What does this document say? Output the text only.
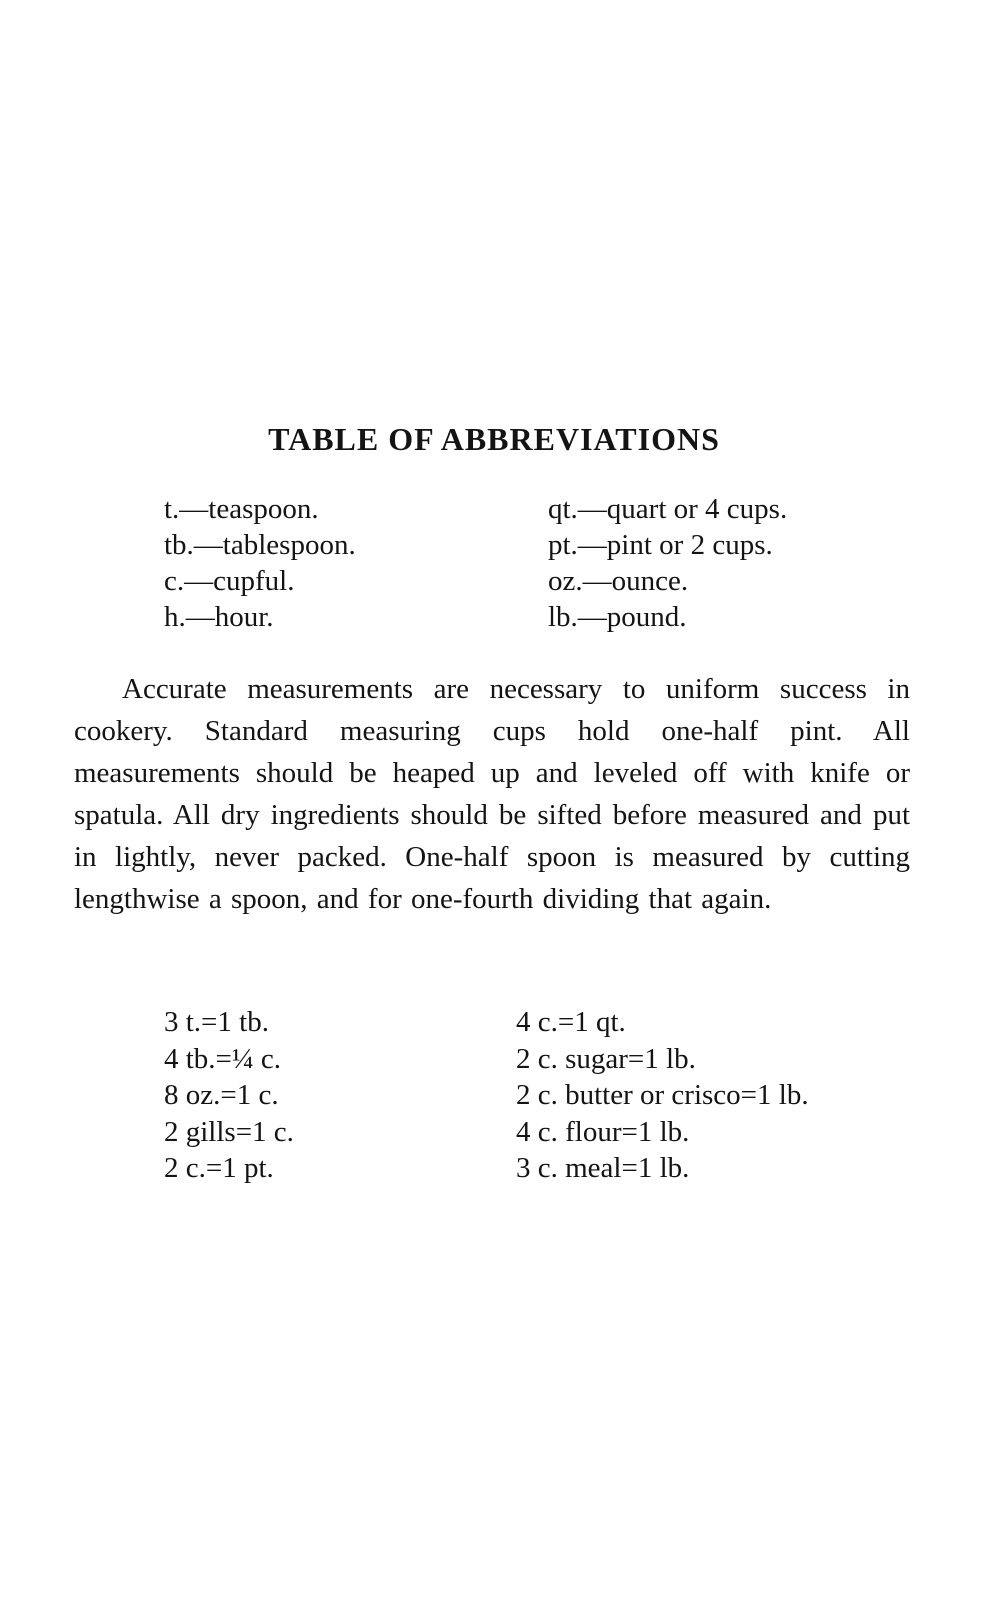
TABLE OF ABBREVIATIONS
t.—teaspoon.
tb.—tablespoon.
c.—cupful.
h.—hour.
qt.—quart or 4 cups.
pt.—pint or 2 cups.
oz.—ounce.
lb.—pound.

Accurate measurements are necessary to uniform success in cookery. Standard measuring cups hold one-half pint. All measurements should be heaped up and leveled off with knife or spatula. All dry ingredients should be sifted before measured and put in lightly, never packed. One-half spoon is measured by cutting lengthwise a spoon, and for one-fourth dividing that again.

3 t.=1 tb.
4 tb.=¼ c.
8 oz.=1 c.
2 gills=1 c.
2 c.=1 pt.
4 c.=1 qt.
2 c. sugar=1 lb.
2 c. butter or crisco=1 lb.
4 c. flour=1 lb.
3 c. meal=1 lb.
